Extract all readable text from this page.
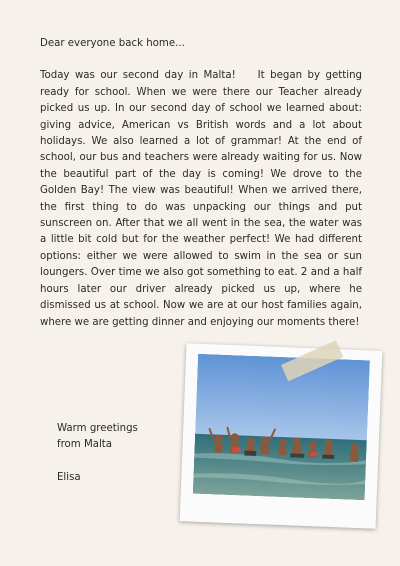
Dear everyone back home...

Today was our second day in Malta!    It began by getting ready for school. When we were there our Teacher already picked us up. In our second day of school we learned about: giving advice, American vs British words and a lot about holidays. We also learned a lot of grammar! At the end of school, our bus and teachers were already waiting for us. Now the beautiful part of the day is coming! We drove to the Golden Bay! The view was beautiful! When we arrived there, the first thing to do was unpacking our things and put sunscreen on. After that we all went in the sea, the water was a little bit cold but for the weather perfect! We had different options: either we were allowed to swim in the sea or sun loungers. Over time we also got something to eat. 2 and a half hours later our driver already picked us up, where he dismissed us at school. Now we are at our host families again, where we are getting dinner and enjoying our moments there!

Warm greetings

from Malta

Elisa
